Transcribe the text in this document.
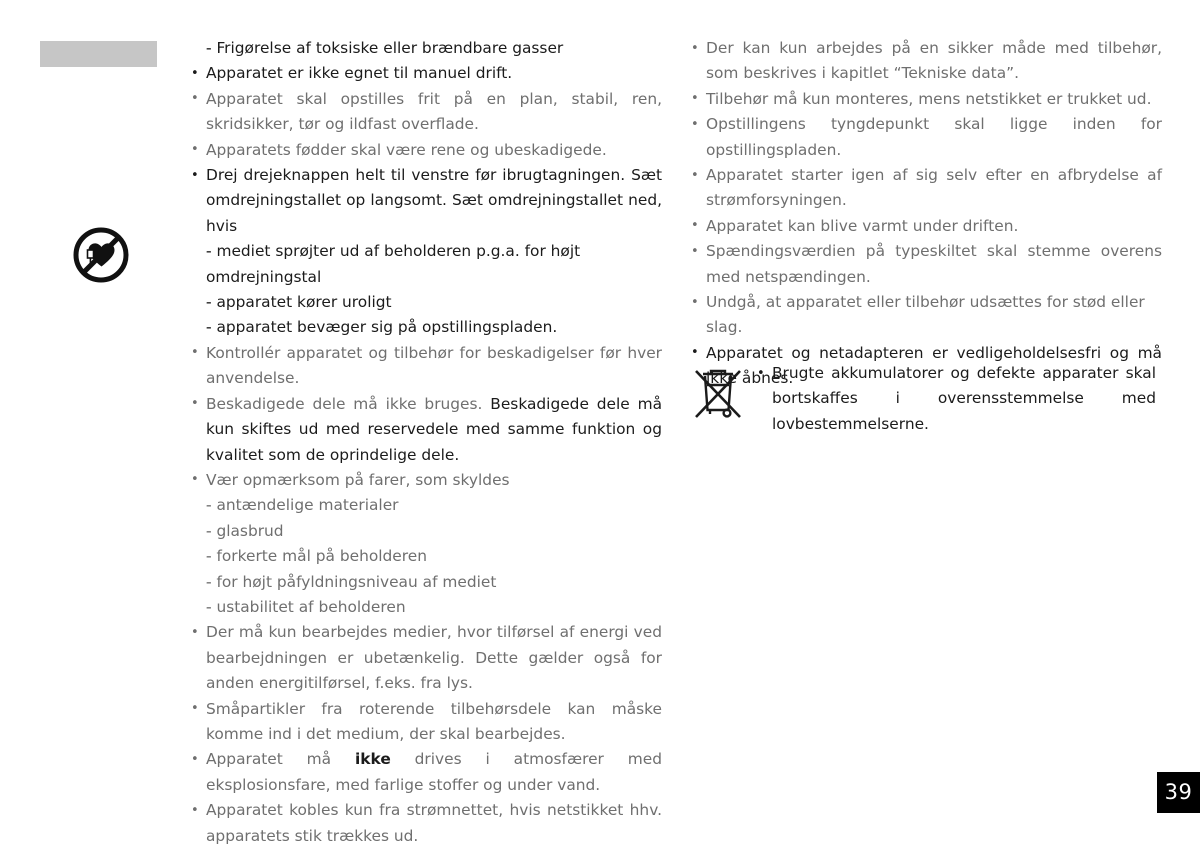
- - Frigørelse af toksiske eller brændbare gasser
• Apparatet er ikke egnet til manuel drift.
• Apparatet skal opstilles frit på en plan, stabil, ren, skridsikker, tør og ildfast overflade.
• Apparatets fødder skal være rene og ubeskadigede.
• Drej drejeknappen helt til venstre før ibrugtagningen. Sæt omdrejningstallet op langsomt. Sæt omdrejningstallet ned, hvis
- - mediet sprøjter ud af beholderen p.g.a. for højt omdrejningstal
- - apparatet kører uroligt
- - apparatet bevæger sig på opstillingspladen.
• Kontrollér apparatet og tilbehør for beskadigelser før hver anvendelse.
• Beskadigede dele må ikke bruges. Beskadigede dele må kun skiftes ud med reservedele med samme funktion og kvalitet som de oprindelige dele.
• Vær opmærksom på farer, som skyldes
- - antændelige materialer
- - glasbrud
- - forkerte mål på beholderen
- - for højt påfyldningsniveau af mediet
- - ustabilitet af beholderen
• Der må kun bearbejdes medier, hvor tilførsel af energi ved bearbejdningen er ubetænkelig. Dette gælder også for anden energitilførsel, f.eks. fra lys.
• Småpartikler fra roterende tilbehørsdele kan måske komme ind i det medium, der skal bearbejdes.
• Apparatet må ikke drives i atmosfærer med eksplosionsfare, med farlige stoffer og under vand.
• Apparatet kobles kun fra strømnettet, hvis netstikket hhv. apparatets stik trækkes ud.
• Der kan kun arbejdes på en sikker måde med tilbehør, som beskrives i kapitlet “Tekniske data”.
• Tilbehør må kun monteres, mens netstikket er trukket ud.
• Opstillingens tyngdepunkt skal ligge inden for opstillingspladen.
• Apparatet starter igen af sig selv efter en afbrydelse af strømforsyningen.
• Apparatet kan blive varmt under driften.
• Spændingsværdien på typeskiltet skal stemme overens med netspændingen.
• Undgå, at apparatet eller tilbehør udsættes for stød eller slag.
• Apparatet og netadapteren er vedligeholdelsesfri og må ikke åbnes.
• Brugte akkumulatorer og defekte apparater skal bortskaffes i overensstemmelse med lovbestemmelserne.
39
